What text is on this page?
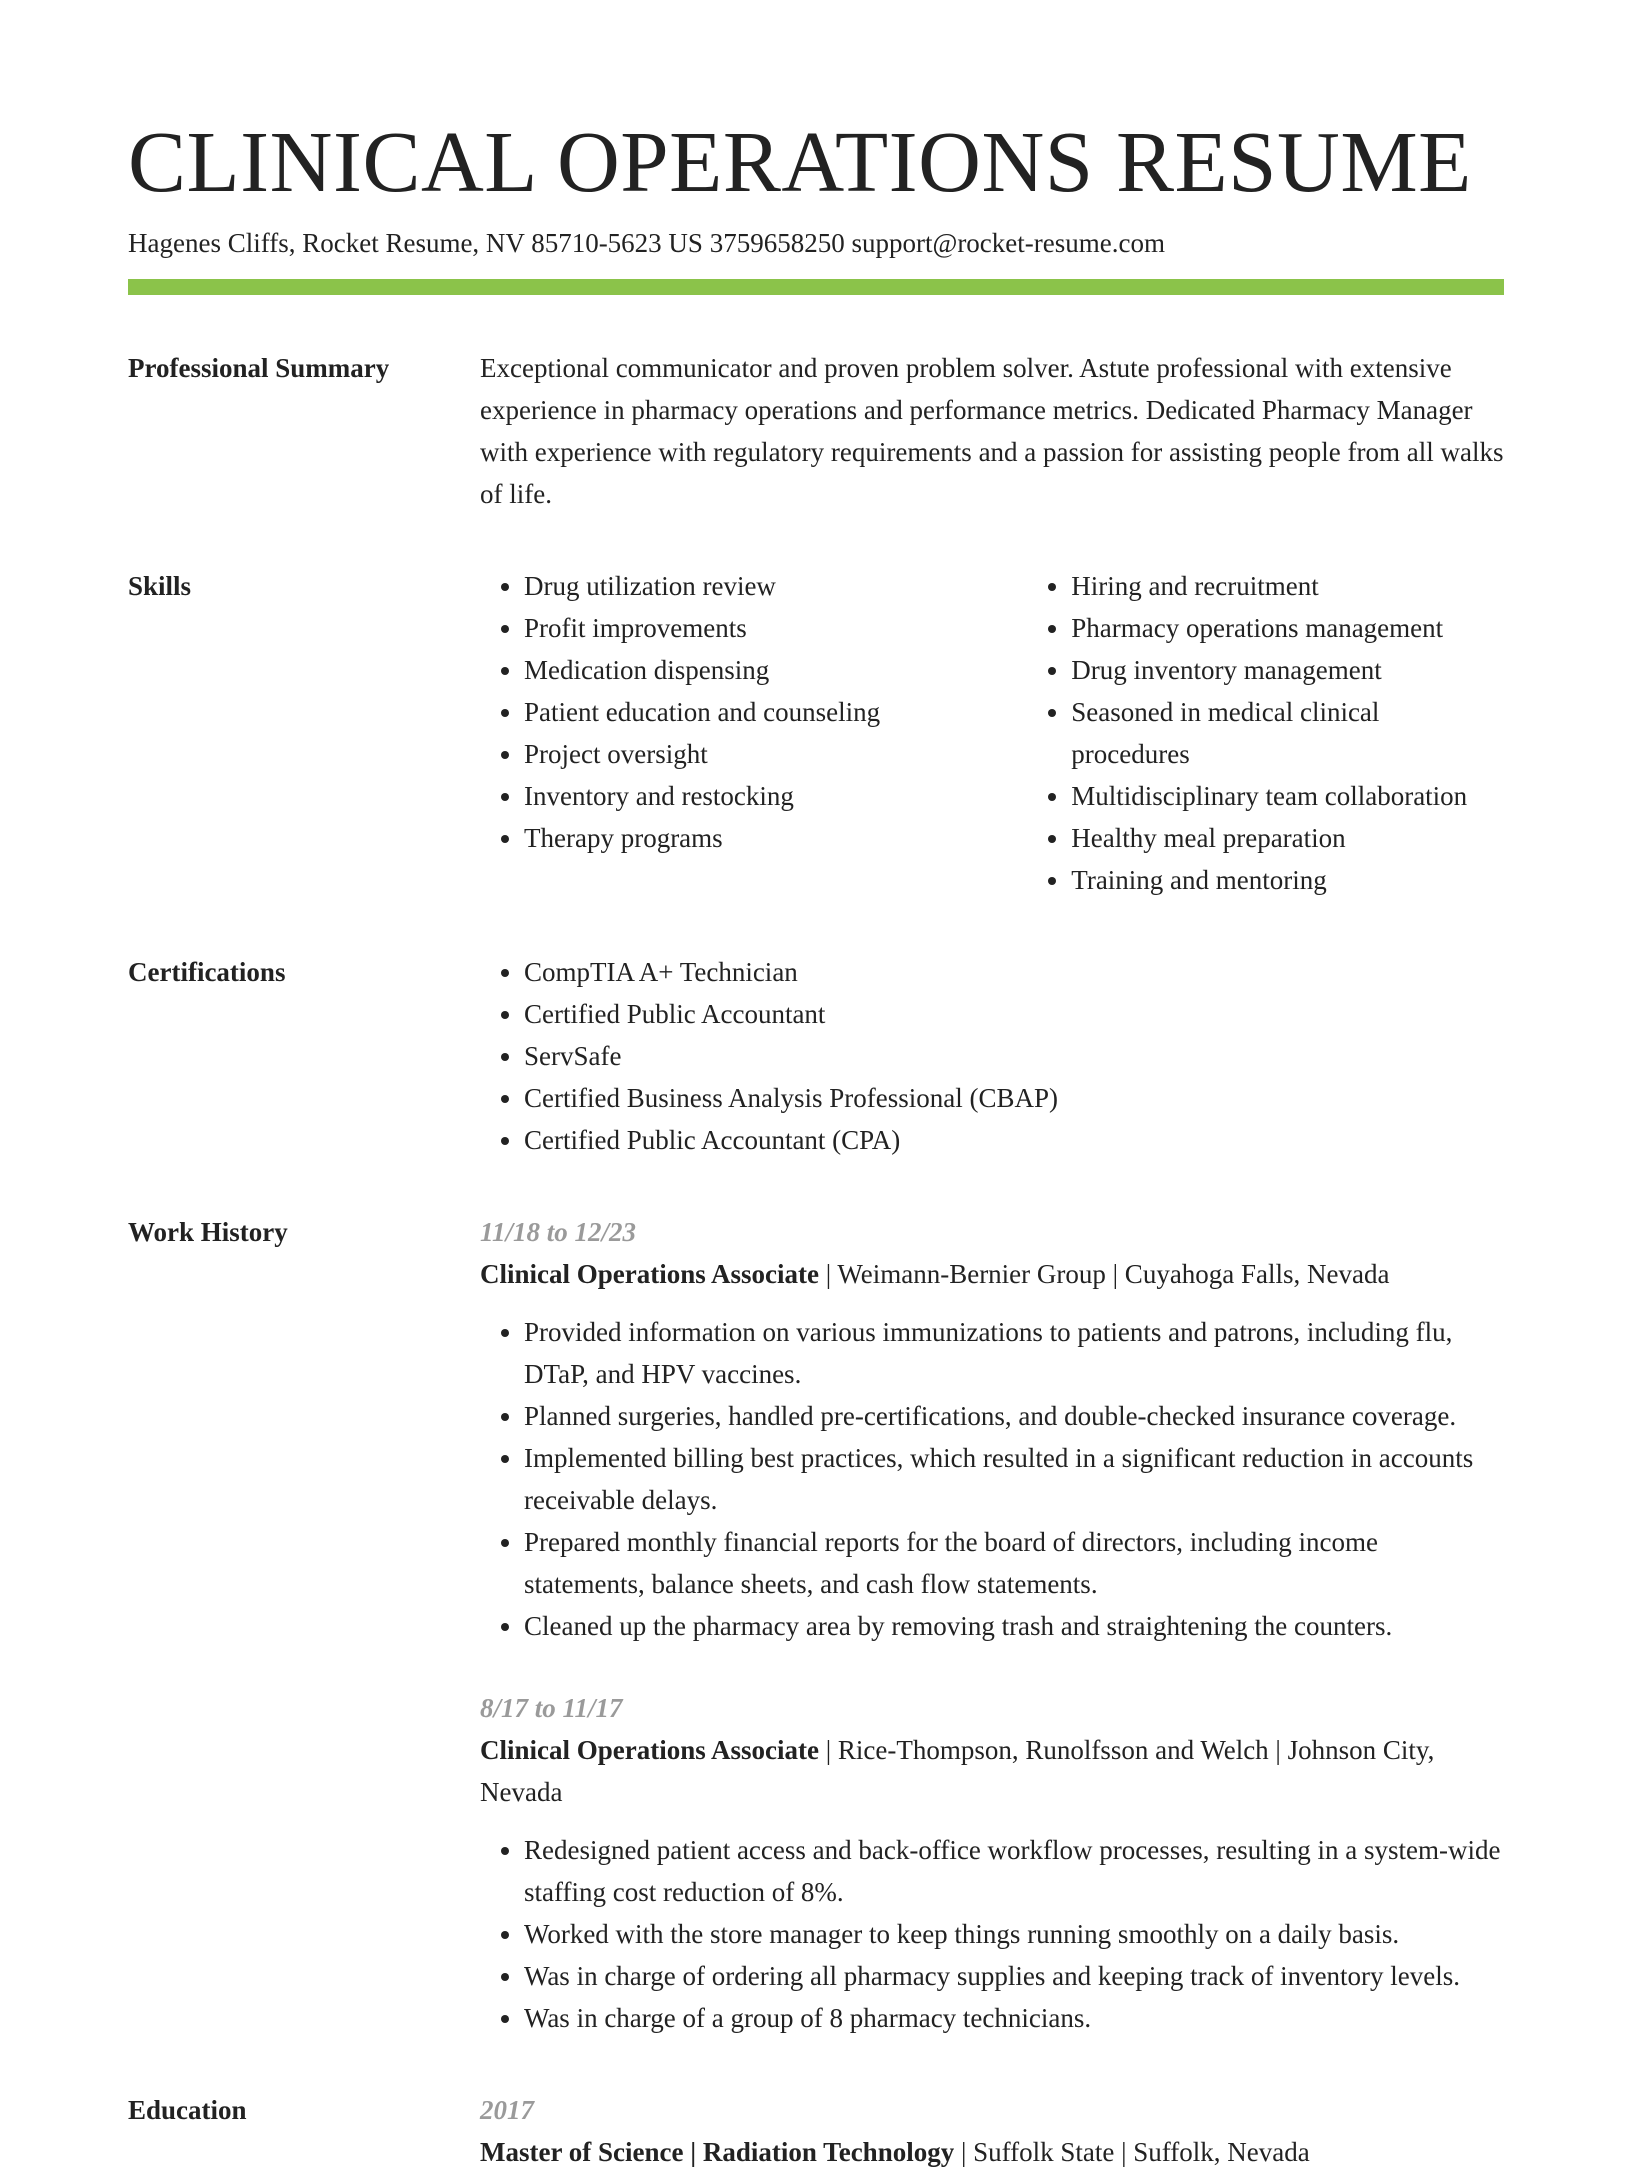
CLINICAL OPERATIONS RESUME
Hagenes Cliffs, Rocket Resume, NV 85710-5623 US 3759658250 support@rocket-resume.com
Professional Summary	Exceptional communicator and proven problem solver. Astute professional with extensive experience in pharmacy operations and performance metrics. Dedicated Pharmacy Manager with experience with regulatory requirements and a passion for assisting people from all walks of life.
Skills	• Drug utilization review
• Profit improvements
• Medication dispensing
• Patient education and counseling
• Project oversight
• Inventory and restocking
• Therapy programs
• Hiring and recruitment
• Pharmacy operations management
• Drug inventory management
• Seasoned in medical clinical procedures
• Multidisciplinary team collaboration
• Healthy meal preparation
• Training and mentoring
Certifications	• CompTIA A+ Technician
• Certified Public Accountant
• ServSafe
• Certified Business Analysis Professional (CBAP)
• Certified Public Accountant (CPA)
Work History	11/18 to 12/23
Clinical Operations Associate | Weimann-Bernier Group | Cuyahoga Falls, Nevada
• Provided information on various immunizations to patients and patrons, including flu, DTaP, and HPV vaccines.
• Planned surgeries, handled pre-certifications, and double-checked insurance coverage.
• Implemented billing best practices, which resulted in a significant reduction in accounts receivable delays.
• Prepared monthly financial reports for the board of directors, including income statements, balance sheets, and cash flow statements.
• Cleaned up the pharmacy area by removing trash and straightening the counters.
8/17 to 11/17
Clinical Operations Associate | Rice-Thompson, Runolfsson and Welch | Johnson City, Nevada
• Redesigned patient access and back-office workflow processes, resulting in a system-wide staffing cost reduction of 8%.
• Worked with the store manager to keep things running smoothly on a daily basis.
• Was in charge of ordering all pharmacy supplies and keeping track of inventory levels.
• Was in charge of a group of 8 pharmacy technicians.
Education	2017
Master of Science | Radiation Technology | Suffolk State | Suffolk, Nevada
